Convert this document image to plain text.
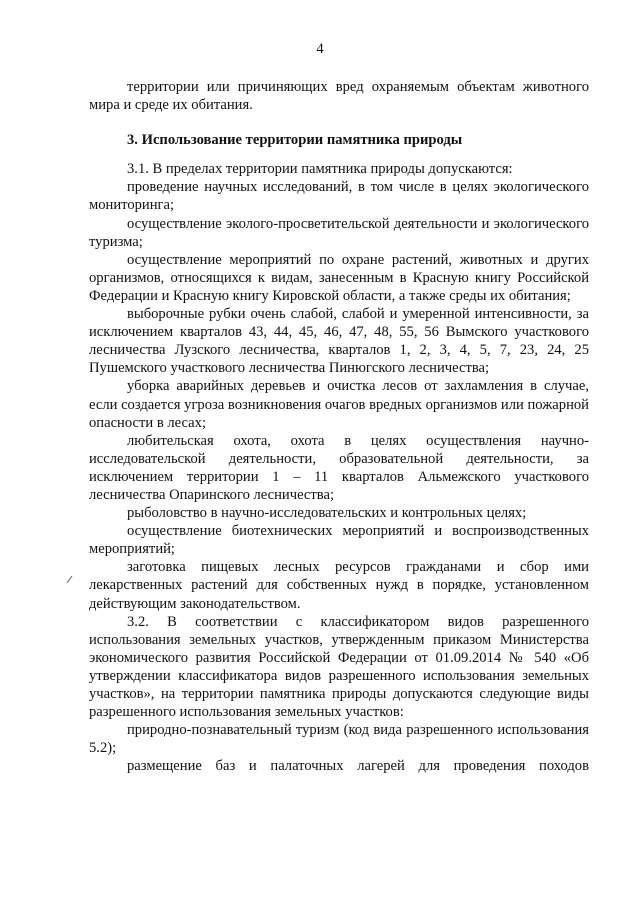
4

территории или причиняющих вред охраняемым объектам животного мира и среде их обитания.

3. Использование территории памятника природы

3.1. В пределах территории памятника природы допускаются:

проведение научных исследований, в том числе в целях экологического мониторинга;

осуществление эколого-просветительской деятельности и экологического туризма;

осуществление мероприятий по охране растений, животных и других организмов, относящихся к видам, занесенным в Красную книгу Российской Федерации и Красную книгу Кировской области, а также среды их обитания;

выборочные рубки очень слабой, слабой и умеренной интенсивности, за исключением кварталов 43, 44, 45, 46, 47, 48, 55, 56 Вымского участкового лесничества Лузского лесничества, кварталов 1, 2, 3, 4, 5, 7, 23, 24, 25 Пушемского участкового лесничества Пинюгского лесничества;

уборка аварийных деревьев и очистка лесов от захламления в случае, если создается угроза возникновения очагов вредных организмов или пожарной опасности в лесах;

любительская охота, охота в целях осуществления научно-исследовательской деятельности, образовательной деятельности, за исключением территории 1 – 11 кварталов Альмежского участкового лесничества Опаринского лесничества;

рыболовство в научно-исследовательских и контрольных целях;

осуществление биотехнических мероприятий и воспроизводственных мероприятий;

заготовка пищевых лесных ресурсов гражданами и сбор ими лекарственных растений для собственных нужд в порядке, установленном действующим законодательством.

3.2. В соответствии с классификатором видов разрешенного использования земельных участков, утвержденным приказом Министерства экономического развития Российской Федерации от 01.09.2014 № 540 «Об утверждении классификатора видов разрешенного использования земельных участков», на территории памятника природы допускаются следующие виды разрешенного использования земельных участков:

природно-познавательный туризм (код вида разрешенного использования 5.2);

размещение баз и палаточных лагерей для проведения походов
